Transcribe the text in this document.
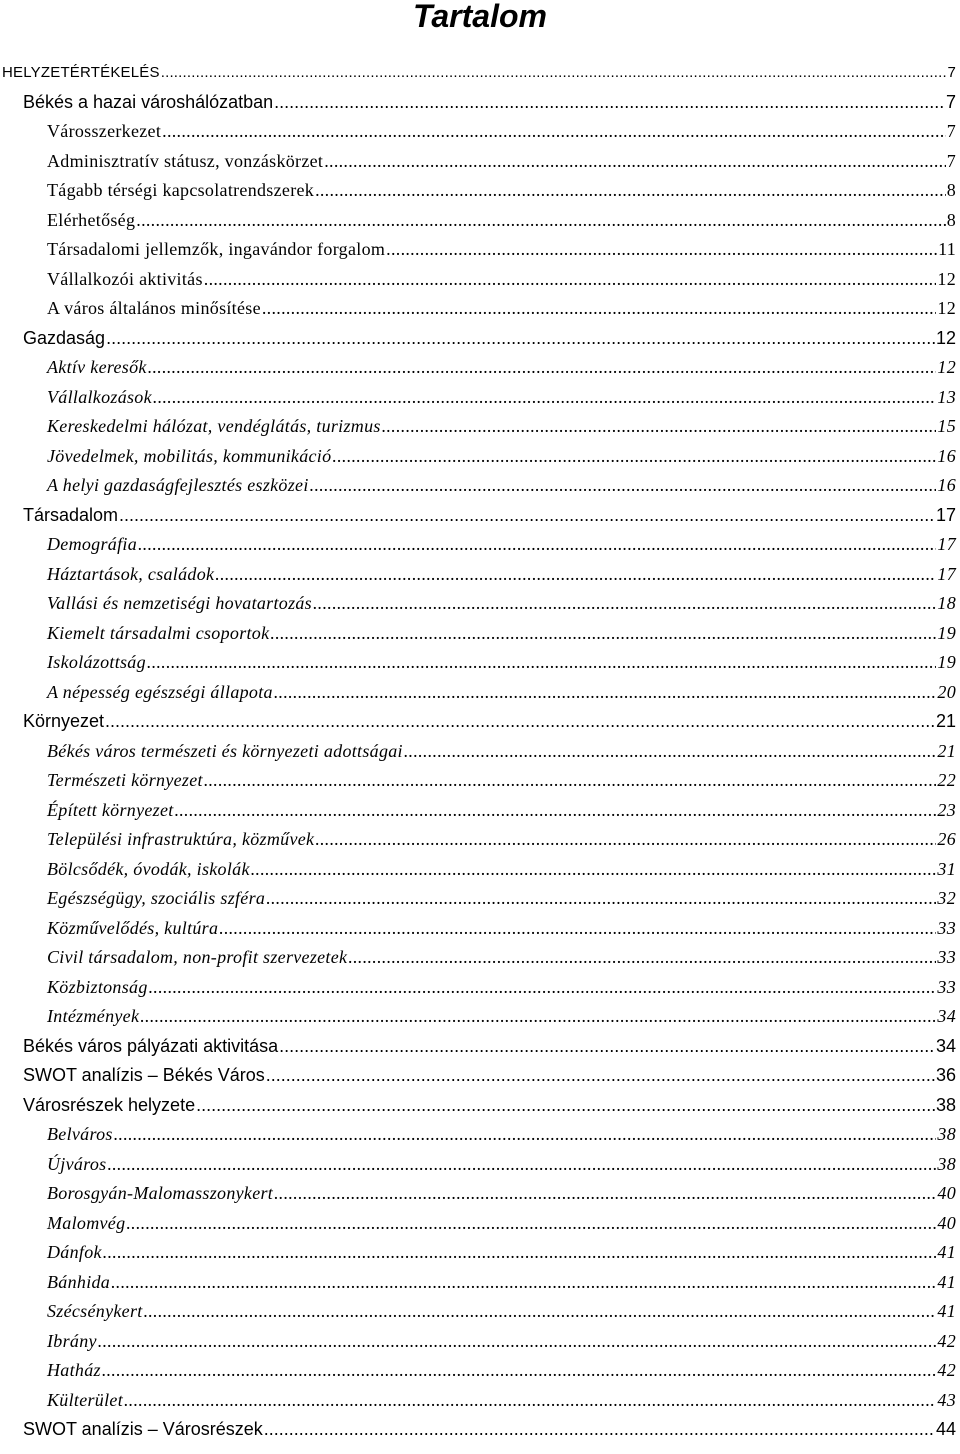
Tartalom
HELYZETÉRTÉKELÉS .....	7
Békés a hazai városhálózatban .....	7
Városszerkezet .....	7
Adminisztratív státusz, vonzáskörzet .....	7
Tágabb térségi kapcsolatrendszerek .....	8
Elérhetőség .....	8
Társadalomi jellemzők, ingavándor forgalom .....	11
Vállalkozói aktivitás .....	12
A város általános minősítése .....	12
Gazdaság .....	12
Aktív keresők .....	12
Vállalkozások .....	13
Kereskedelmi hálózat, vendéglátás, turizmus .....	15
Jövedelmek, mobilitás, kommunikáció .....	16
A helyi gazdaságfejlesztés eszközei .....	16
Társadalom .....	17
Demográfia .....	17
Háztartások, családok .....	17
Vallási és nemzetiségi hovatartozás .....	18
Kiemelt társadalmi csoportok .....	19
Iskolázottság .....	19
A népesség egészségi állapota .....	20
Környezet .....	21
Békés város természeti és környezeti adottságai .....	21
Természeti környezet .....	22
Épített környezet .....	23
Települési infrastruktúra, közművek .....	26
Bölcsődék, óvodák, iskolák .....	31
Egészségügy, szociális szféra .....	32
Közművelődés, kultúra .....	33
Civil társadalom, non-profit szervezetek .....	33
Közbiztonság .....	33
Intézmények .....	34
Békés város pályázati aktivitása .....	34
SWOT analízis – Békés Város .....	36
Városrészek helyzete .....	38
Belváros .....	38
Újváros .....	38
Borosgyán-Malomasszonykert .....	40
Malomvég .....	40
Dánfok .....	41
Bánhida .....	41
Szécsénykert .....	41
Ibrány .....	42
Hatház .....	42
Külterület .....	43
SWOT analízis – Városrészek .....	44
